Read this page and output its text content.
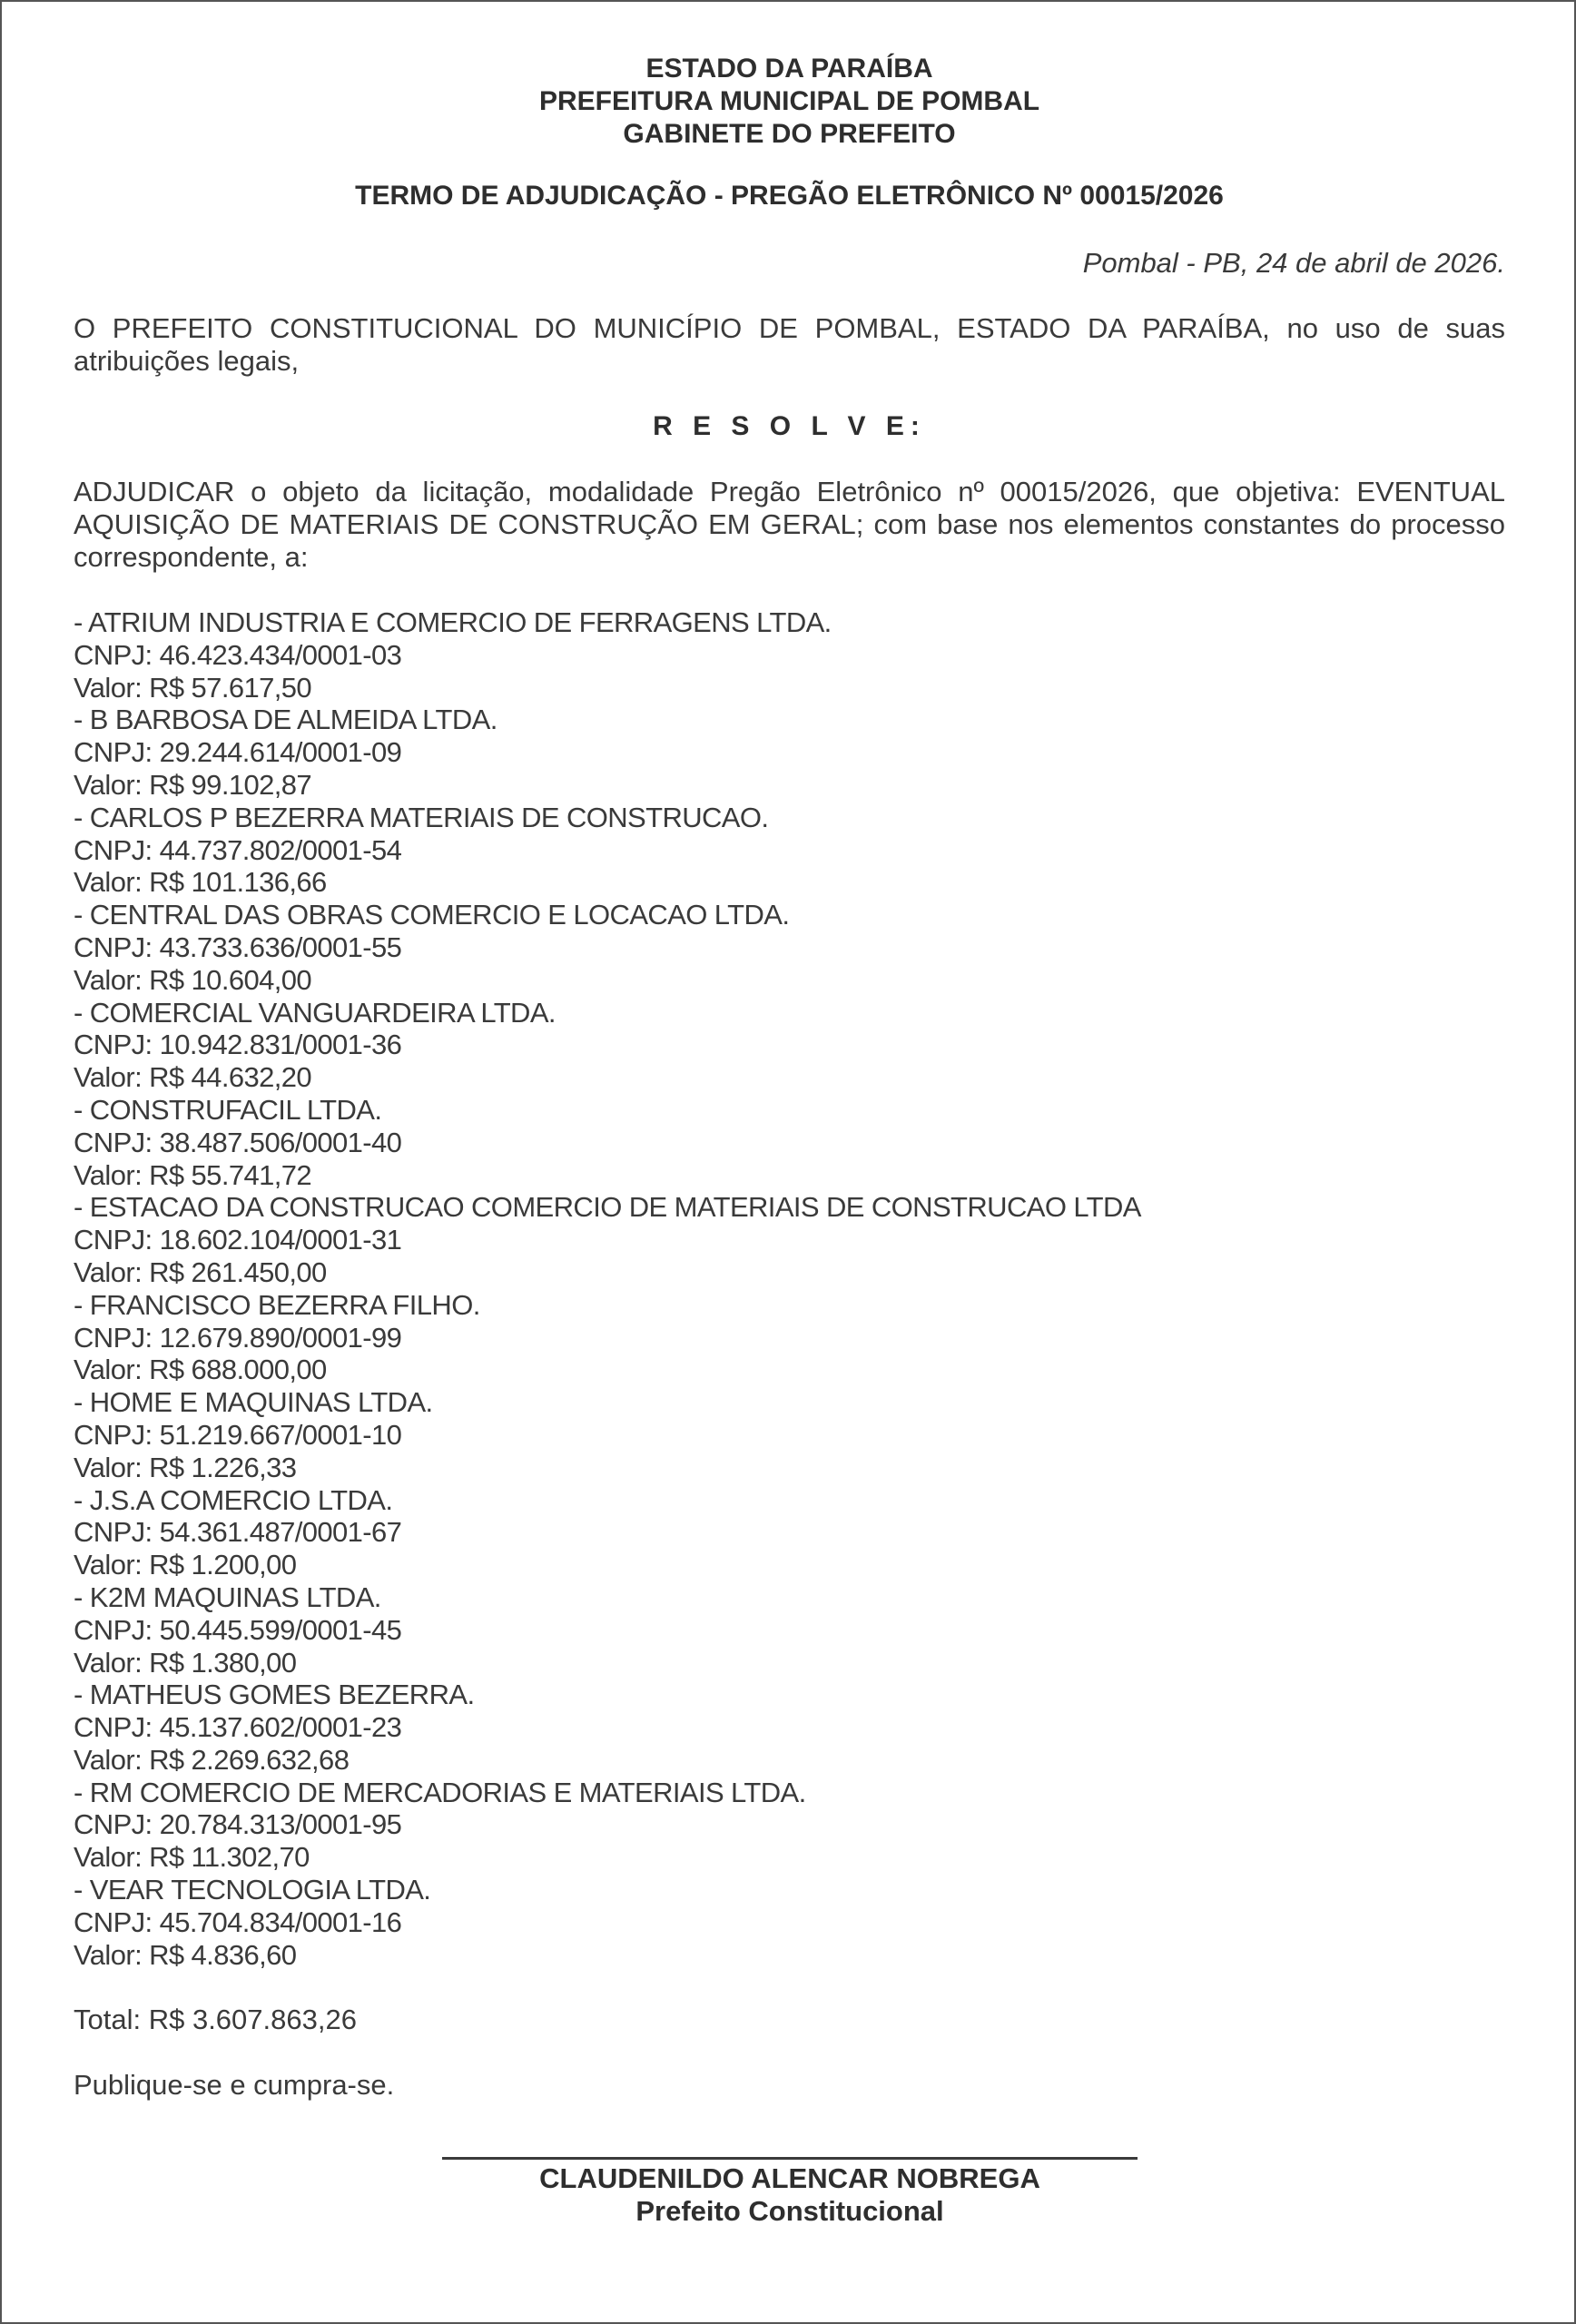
ESTADO DA PARAÍBA
PREFEITURA MUNICIPAL DE POMBAL
GABINETE DO PREFEITO
TERMO DE ADJUDICAÇÃO - PREGÃO ELETRÔNICO Nº 00015/2026
Pombal - PB, 24 de abril de 2026.
O PREFEITO CONSTITUCIONAL DO MUNICÍPIO DE POMBAL, ESTADO DA PARAÍBA, no uso de suas atribuições legais,
R E S O L V E:
ADJUDICAR o objeto da licitação, modalidade Pregão Eletrônico nº 00015/2026, que objetiva: EVENTUAL AQUISIÇÃO DE MATERIAIS DE CONSTRUÇÃO EM GERAL; com base nos elementos constantes do processo correspondente, a:
- ATRIUM INDUSTRIA E COMERCIO DE FERRAGENS LTDA.
CNPJ: 46.423.434/0001-03
Valor: R$ 57.617,50
- B BARBOSA DE ALMEIDA LTDA.
CNPJ: 29.244.614/0001-09
Valor: R$ 99.102,87
- CARLOS P BEZERRA MATERIAIS DE CONSTRUCAO.
CNPJ: 44.737.802/0001-54
Valor: R$ 101.136,66
- CENTRAL DAS OBRAS COMERCIO E LOCACAO LTDA.
CNPJ: 43.733.636/0001-55
Valor: R$ 10.604,00
- COMERCIAL VANGUARDEIRA LTDA.
CNPJ: 10.942.831/0001-36
Valor: R$ 44.632,20
- CONSTRUFACIL LTDA.
CNPJ: 38.487.506/0001-40
Valor: R$ 55.741,72
- ESTACAO DA CONSTRUCAO COMERCIO DE MATERIAIS DE CONSTRUCAO LTDA
CNPJ: 18.602.104/0001-31
Valor: R$ 261.450,00
- FRANCISCO BEZERRA FILHO.
CNPJ: 12.679.890/0001-99
Valor: R$ 688.000,00
- HOME E MAQUINAS LTDA.
CNPJ: 51.219.667/0001-10
Valor: R$ 1.226,33
- J.S.A COMERCIO LTDA.
CNPJ: 54.361.487/0001-67
Valor: R$ 1.200,00
- K2M MAQUINAS LTDA.
CNPJ: 50.445.599/0001-45
Valor: R$ 1.380,00
- MATHEUS GOMES BEZERRA.
CNPJ: 45.137.602/0001-23
Valor: R$ 2.269.632,68
- RM COMERCIO DE MERCADORIAS E MATERIAIS LTDA.
CNPJ: 20.784.313/0001-95
Valor: R$ 11.302,70
- VEAR TECNOLOGIA LTDA.
CNPJ: 45.704.834/0001-16
Valor: R$ 4.836,60
Total: R$ 3.607.863,26
Publique-se e cumpra-se.
CLAUDENILDO ALENCAR NOBREGA
Prefeito Constitucional
